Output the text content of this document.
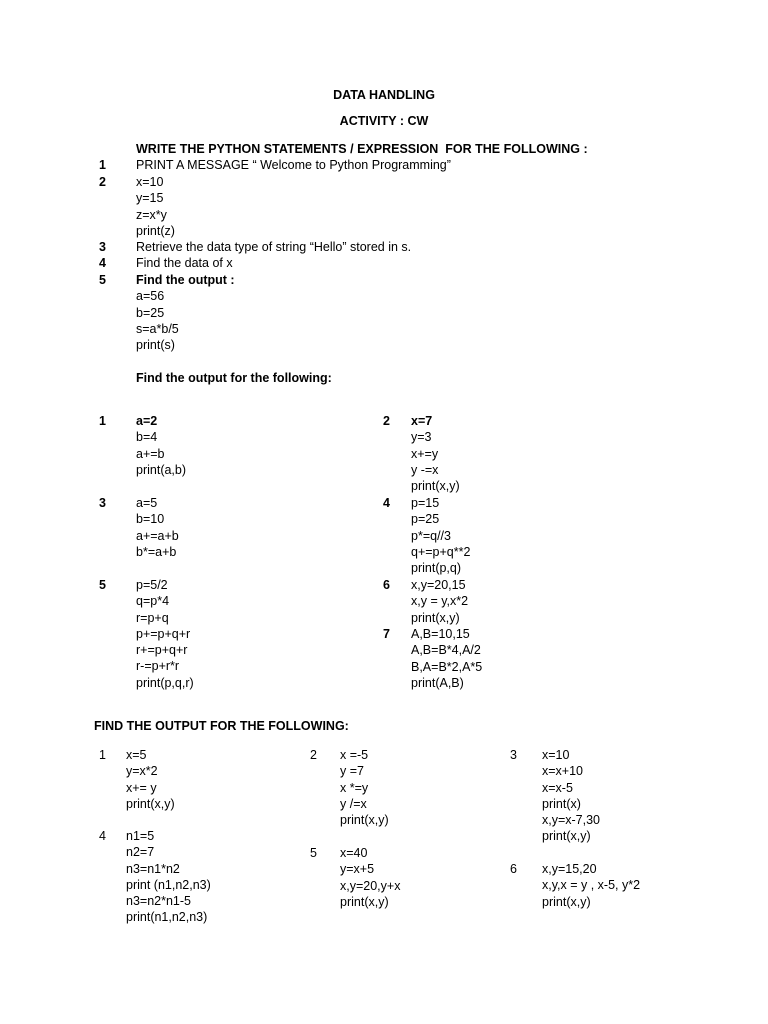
DATA HANDLING
ACTIVITY : CW
WRITE THE PYTHON STATEMENTS / EXPRESSION  FOR THE FOLLOWING :
Find the output for the following:
FIND THE OUTPUT FOR THE FOLLOWING:
1 PRINT A MESSAGE “ Welcome to Python Programming”
2 x=10
y=15
z=x*y
print(z)
3 Retrieve the data type of string “Hello” stored in s.
4 Find the data of x
5 Find the output :
a=56
b=25
s=a*b/5
print(s)
1 a=2
b=4
a+=b
print(a,b)
2 x=7
y=3
x+=y
y -=x
print(x,y)
3 a=5
b=10
a+=a+b
b*=a+b
4 p=15
p=25
p*=q//3
q+=p+q**2
print(p,q)
5 p=5/2
q=p*4
r=p+q
p+=p+q+r
r+=p+q+r
r-=p+r*r
print(p,q,r)
6 x,y=20,15
x,y = y,x*2
print(x,y)
7 A,B=10,15
A,B=B*4,A/2
B,A=B*2,A*5
print(A,B)
1 x=5
y=x*2
x+= y
print(x,y)
2 x =-5
y =7
x *=y
y /=x
print(x,y)
3 x=10
x=x+10
x=x-5
print(x)
x,y=x-7,30
print(x,y)
4 n1=5
n2=7
n3=n1*n2
print (n1,n2,n3)
n3=n2*n1-5
print(n1,n2,n3)
5 x=40
y=x+5
x,y=20,y+x
print(x,y)
6 x,y=15,20
x,y,x = y , x-5, y*2
print(x,y)
